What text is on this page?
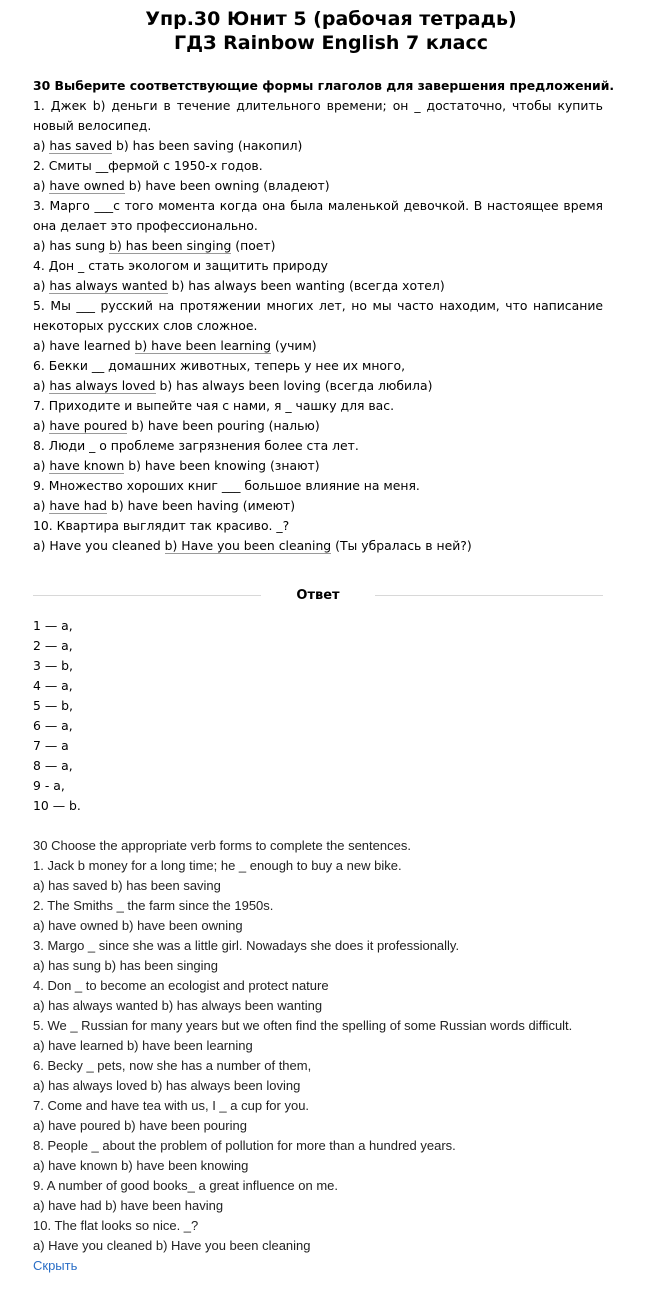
Упр.30 Юнит 5 (рабочая тетрадь)
ГДЗ Rainbow English 7 класс
30 Выберите соответствующие формы глаголов для завершения предложений.
1. Джек b) деньги в течение длительного времени; он _ достаточно, чтобы купить новый велосипед.
a) has saved b) has been saving (накопил)
2. Смиты __фермой с 1950-х годов.
a) have owned b) have been owning (владеют)
3. Марго ___с того момента когда она была маленькой девочкой. В настоящее время она делает это профессионально.
a) has sung b) has been singing (поет)
4. Дон _ стать экологом и защитить природу
a) has always wanted b) has always been wanting (всегда хотел)
5. Мы ___ русский на протяжении многих лет, но мы часто находим, что написание некоторых русских слов сложное.
a) have learned b) have been learning (учим)
6. Бекки __ домашних животных, теперь у нее их много,
a) has always loved b) has always been loving (всегда любила)
7. Приходите и выпейте чая с нами, я _ чашку для вас.
a) have poured b) have been pouring (налью)
8. Люди _ о проблеме загрязнения более ста лет.
a) have known b) have been knowing (знают)
9. Множество хороших книг ___ большое влияние на меня.
a) have had b) have been having (имеют)
10. Квартира выглядит так красиво. _?
a) Have you cleaned b) Have you been cleaning (Ты убралась в ней?)
Ответ
1 — a,
2 — a,
3 — b,
4 — a,
5 — b,
6 — a,
7 — a
8 — a,
9 - a,
10 — b.
30 Choose the appropriate verb forms to complete the sentences.
1. Jack b money for a long time; he _ enough to buy a new bike.
a) has saved b) has been saving
2. The Smiths _ the farm since the 1950s.
a) have owned b) have been owning
3. Margo _ since she was a little girl. Nowadays she does it professionally.
a) has sung b) has been singing
4. Don _ to become an ecologist and protect nature
a) has always wanted b) has always been wanting
5. We _ Russian for many years but we often find the spelling of some Russian words difficult.
a) have learned b) have been learning
6. Becky _ pets, now she has a number of them,
a) has always loved b) has always been loving
7. Come and have tea with us, I _ a cup for you.
a) have poured b) have been pouring
8. People _ about the problem of pollution for more than a hundred years.
a) have known b) have been knowing
9. A number of good books_ a great influence on me.
a) have had b) have been having
10. The flat looks so nice. _?
a) Have you cleaned b) Have you been cleaning
Скрыть
